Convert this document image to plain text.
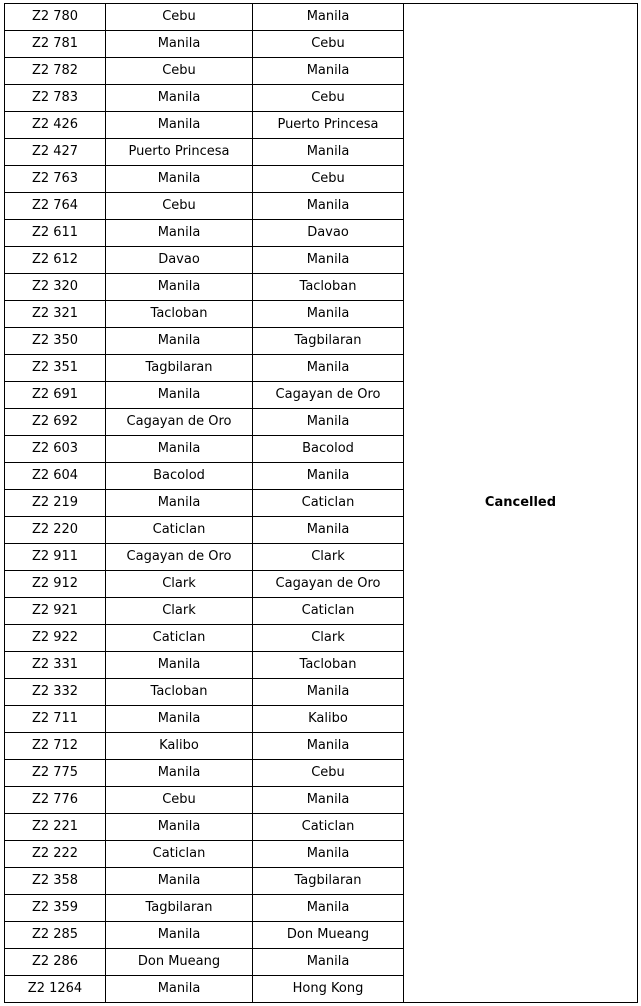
Z2 780	Cebu	Manila	Cancelled
Z2 781	Manila	Cebu	
Z2 782	Cebu	Manila	
Z2 783	Manila	Cebu	
Z2 426	Manila	Puerto Princesa	
Z2 427	Puerto Princesa	Manila	
Z2 763	Manila	Cebu	
Z2 764	Cebu	Manila	
Z2 611	Manila	Davao	
Z2 612	Davao	Manila	
Z2 320	Manila	Tacloban	
Z2 321	Tacloban	Manila	
Z2 350	Manila	Tagbilaran	
Z2 351	Tagbilaran	Manila	
Z2 691	Manila	Cagayan de Oro	
Z2 692	Cagayan de Oro	Manila	
Z2 603	Manila	Bacolod	
Z2 604	Bacolod	Manila	
Z2 219	Manila	Caticlan	
Z2 220	Caticlan	Manila	
Z2 911	Cagayan de Oro	Clark	
Z2 912	Clark	Cagayan de Oro	
Z2 921	Clark	Caticlan	
Z2 922	Caticlan	Clark	
Z2 331	Manila	Tacloban	
Z2 332	Tacloban	Manila	
Z2 711	Manila	Kalibo	
Z2 712	Kalibo	Manila	
Z2 775	Manila	Cebu	
Z2 776	Cebu	Manila	
Z2 221	Manila	Caticlan	
Z2 222	Caticlan	Manila	
Z2 358	Manila	Tagbilaran	
Z2 359	Tagbilaran	Manila	
Z2 285	Manila	Don Mueang	
Z2 286	Don Mueang	Manila	
Z2 1264	Manila	Hong Kong	
